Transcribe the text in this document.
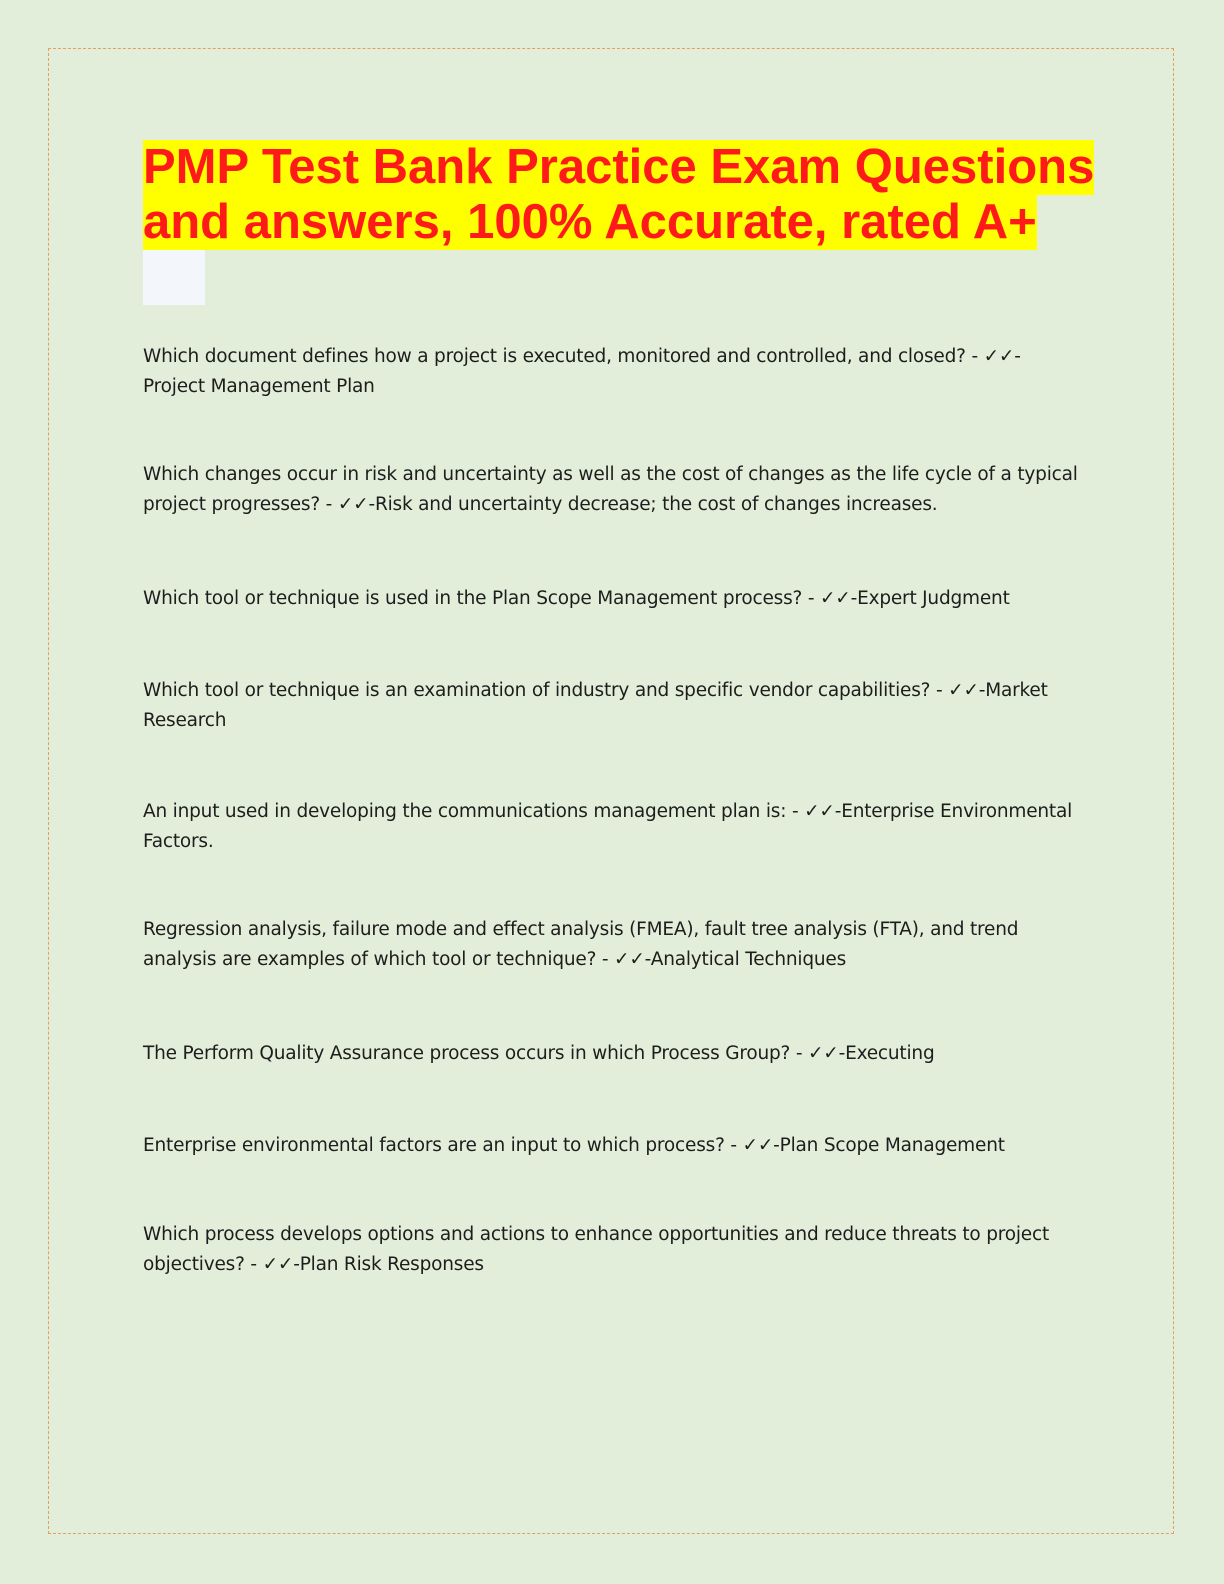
PMP Test Bank Practice Exam Questions
and answers, 100% Accurate, rated A+
Which document defines how a project is executed, monitored and controlled, and closed? - ✓✓-Project Management Plan
Which changes occur in risk and uncertainty as well as the cost of changes as the life cycle of a typical project progresses? - ✓✓-Risk and uncertainty decrease; the cost of changes increases.
Which tool or technique is used in the Plan Scope Management process? - ✓✓-Expert Judgment
Which tool or technique is an examination of industry and specific vendor capabilities? - ✓✓-Market Research
An input used in developing the communications management plan is: - ✓✓-Enterprise Environmental Factors.
Regression analysis, failure mode and effect analysis (FMEA), fault tree analysis (FTA), and trend analysis are examples of which tool or technique? - ✓✓-Analytical Techniques
The Perform Quality Assurance process occurs in which Process Group? - ✓✓-Executing
Enterprise environmental factors are an input to which process? - ✓✓-Plan Scope Management
Which process develops options and actions to enhance opportunities and reduce threats to project objectives? - ✓✓-Plan Risk Responses
